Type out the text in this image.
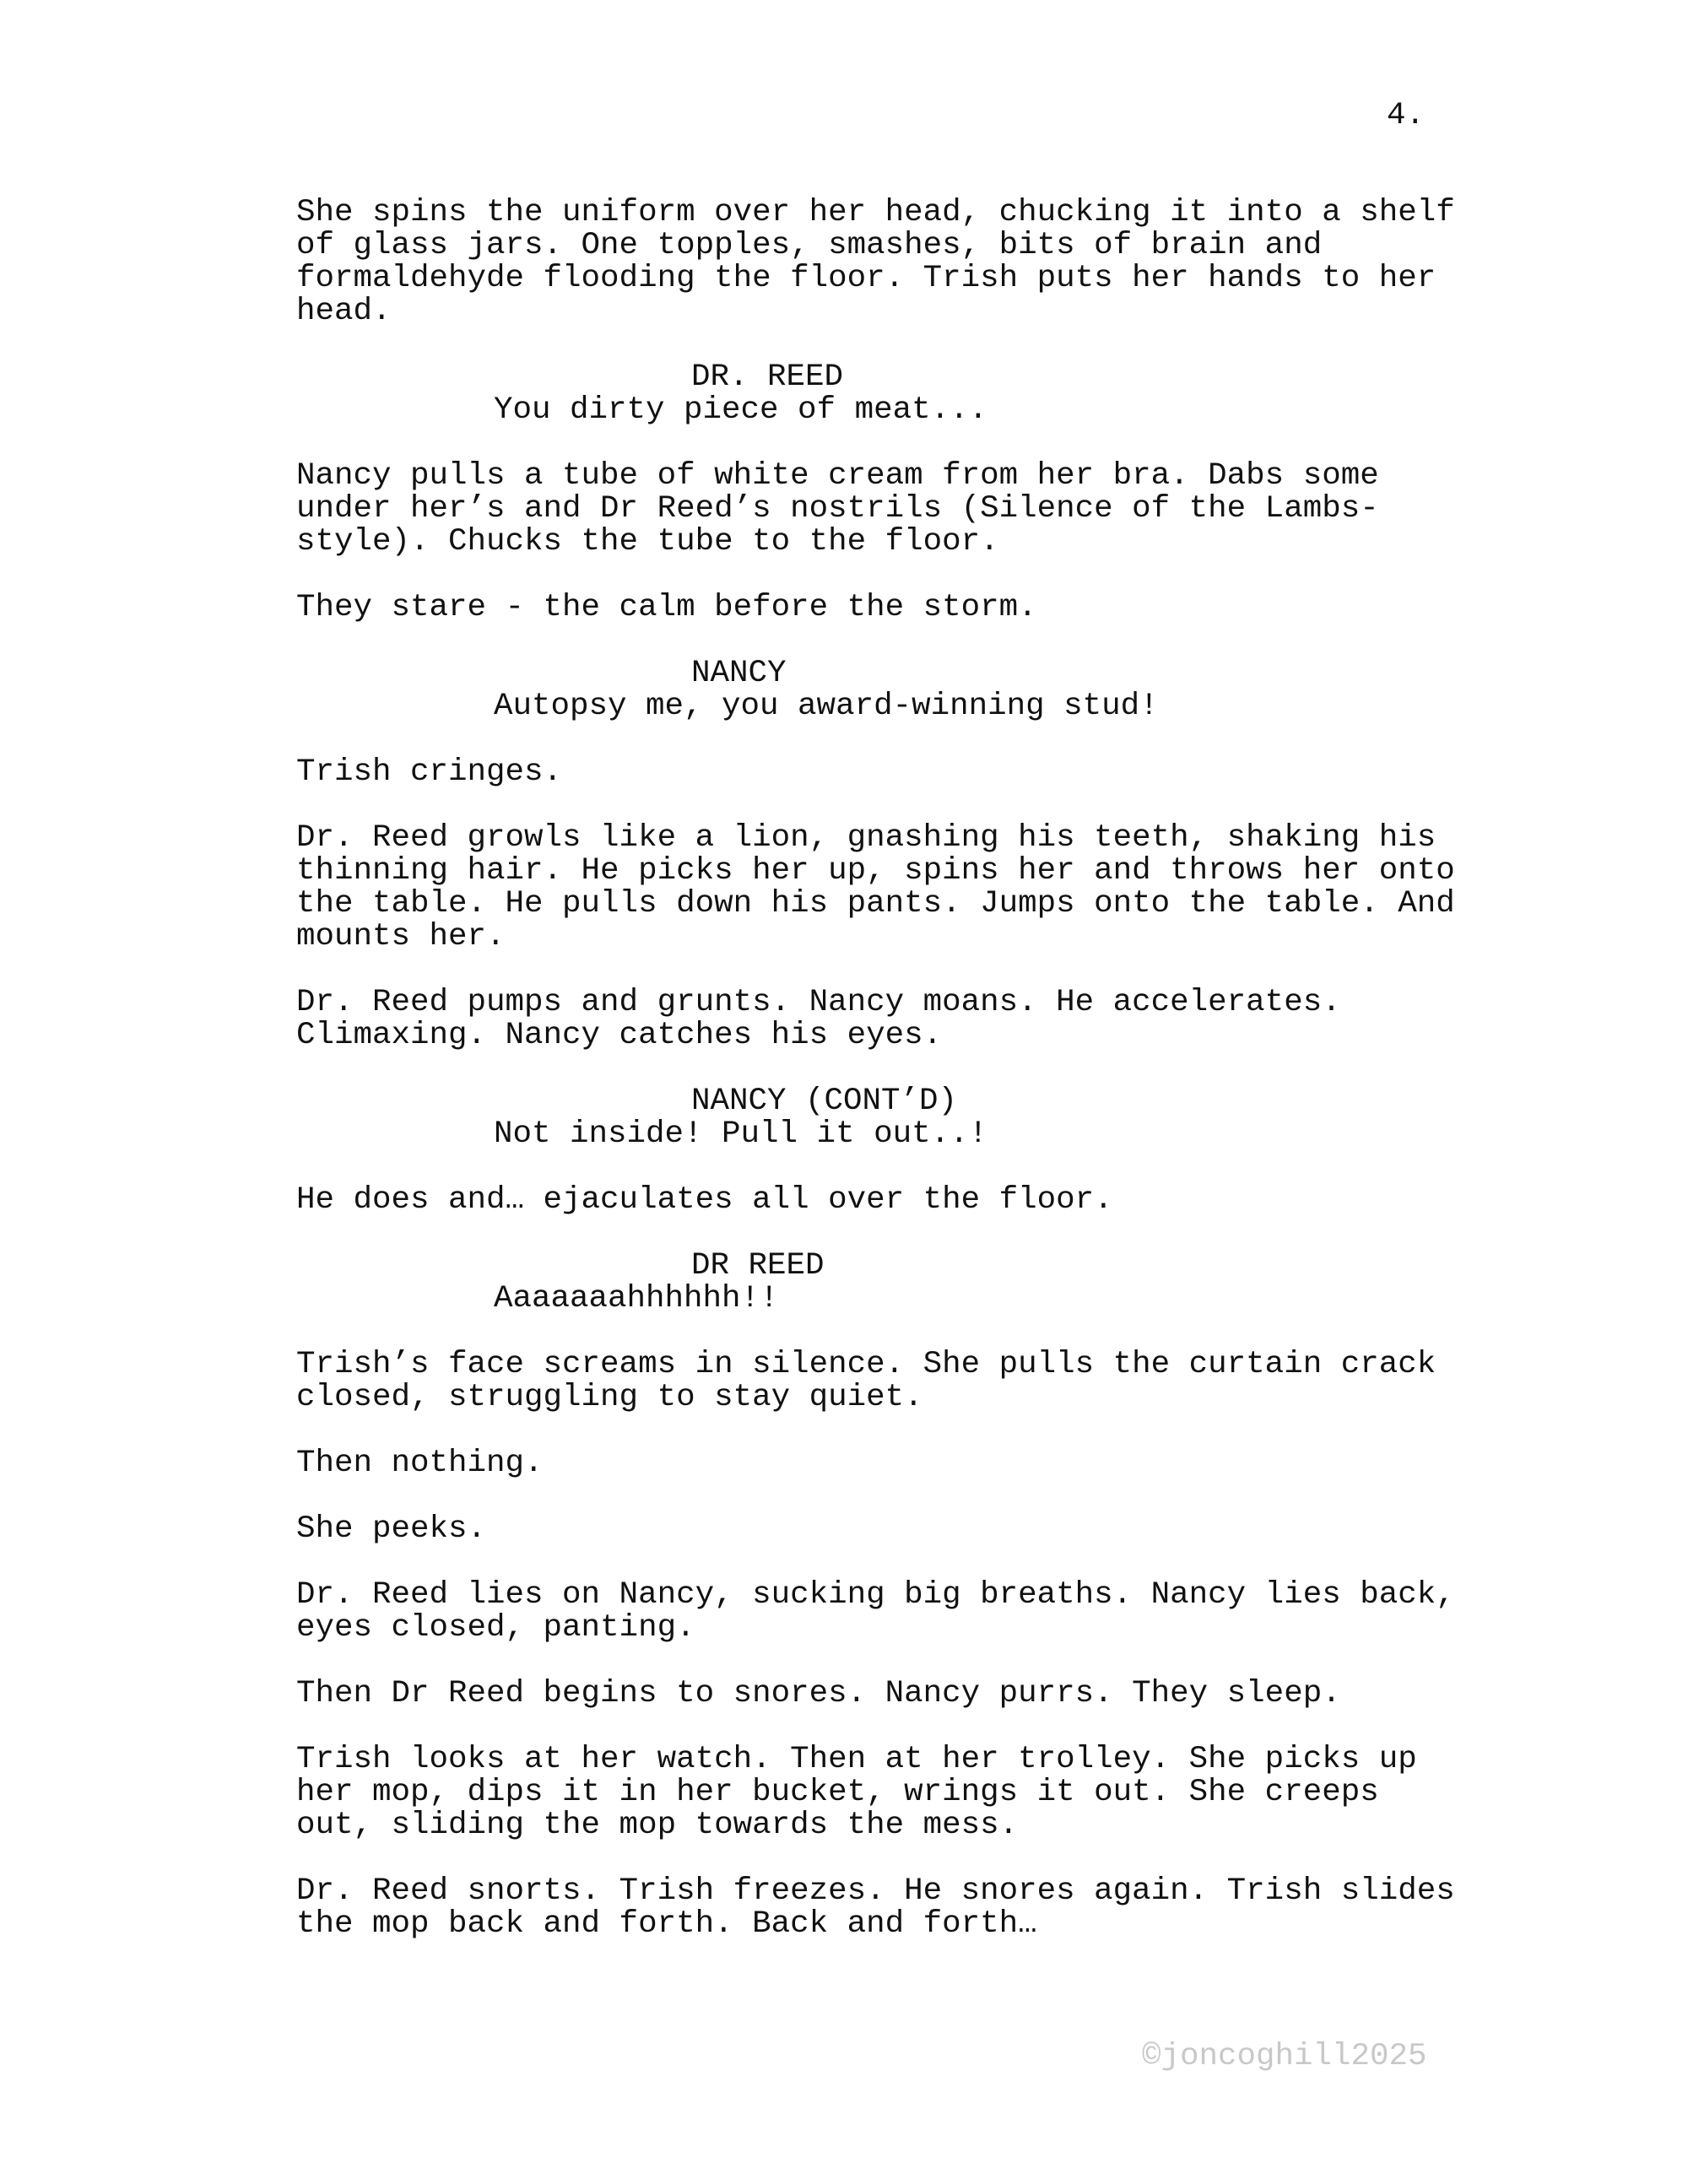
4.

She spins the uniform over her head, chucking it into a shelf
of glass jars. One topples, smashes, bits of brain and
formaldehyde flooding the floor. Trish puts her hands to her
head.

DR. REED

You dirty piece of meat...

Nancy pulls a tube of white cream from her bra. Dabs some
under her’s and Dr Reed’s nostrils (Silence of the Lambs-
style). Chucks the tube to the floor.

They stare - the calm before the storm.

NANCY

Autopsy me, you award-winning stud!

Trish cringes.

Dr. Reed growls like a lion, gnashing his teeth, shaking his
thinning hair. He picks her up, spins her and throws her onto
the table. He pulls down his pants. Jumps onto the table. And
mounts her.

Dr. Reed pumps and grunts. Nancy moans. He accelerates.
Climaxing. Nancy catches his eyes.

NANCY (CONT’D)

Not inside! Pull it out..!

He does and… ejaculates all over the floor.

DR REED

Aaaaaaahhhhhh!!

Trish’s face screams in silence. She pulls the curtain crack
closed, struggling to stay quiet.

Then nothing.

She peeks.

Dr. Reed lies on Nancy, sucking big breaths. Nancy lies back,
eyes closed, panting.

Then Dr Reed begins to snores. Nancy purrs. They sleep.

Trish looks at her watch. Then at her trolley. She picks up
her mop, dips it in her bucket, wrings it out. She creeps
out, sliding the mop towards the mess.

Dr. Reed snorts. Trish freezes. He snores again. Trish slides
the mop back and forth. Back and forth…

©joncoghill2025
